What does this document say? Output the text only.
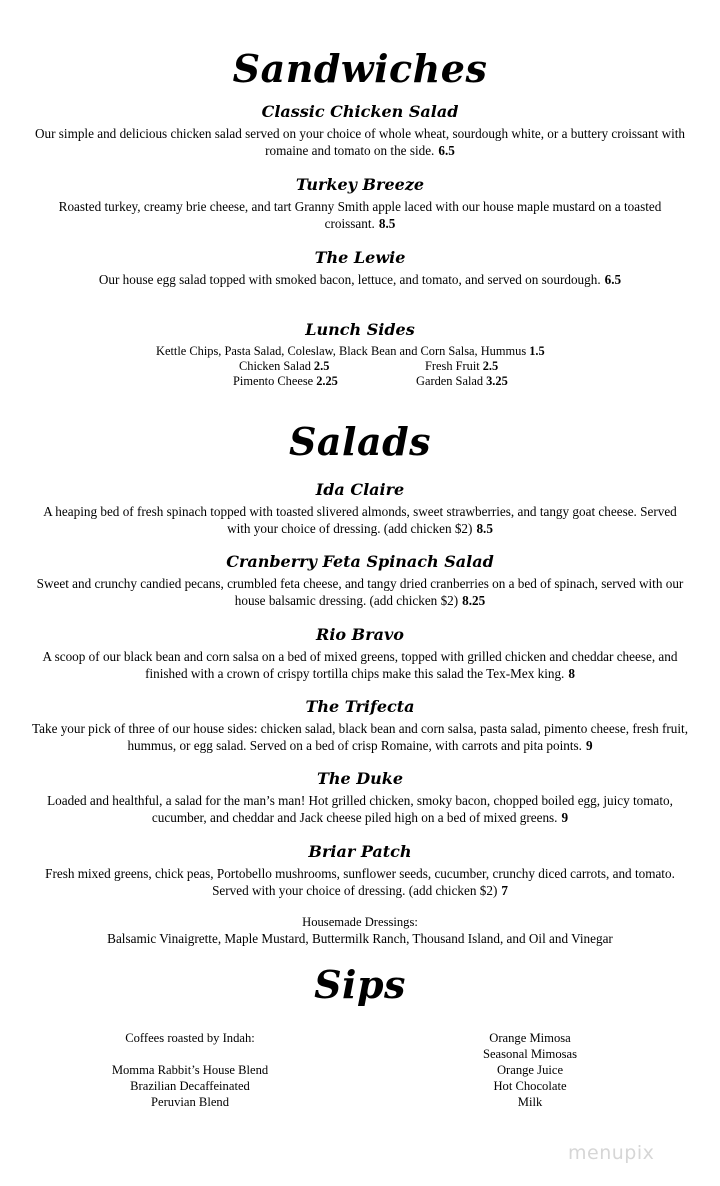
Sandwiches
Classic Chicken Salad

Our simple and delicious chicken salad served on your choice of whole wheat, sourdough white, or a buttery croissant with romaine and tomato on the side. 6.5

Turkey Breeze

Roasted turkey, creamy brie cheese, and tart Granny Smith apple laced with our house maple mustard on a toasted croissant. 8.5

The Lewie

Our house egg salad topped with smoked bacon, lettuce, and tomato, and served on sourdough. 6.5

Lunch Sides
Kettle Chips, Pasta Salad, Coleslaw, Black Bean and Corn Salsa, Hummus 1.5
Chicken Salad 2.5	Fresh Fruit 2.5
Pimento Cheese 2.25	Garden Salad 3.25
Salads
Ida Claire

A heaping bed of fresh spinach topped with toasted slivered almonds, sweet strawberries, and tangy goat cheese. Served with your choice of dressing. (add chicken $2) 8.5

Cranberry Feta Spinach Salad

Sweet and crunchy candied pecans, crumbled feta cheese, and tangy dried cranberries on a bed of spinach, served with our house balsamic dressing. (add chicken $2) 8.25

Rio Bravo

A scoop of our black bean and corn salsa on a bed of mixed greens, topped with grilled chicken and cheddar cheese, and finished with a crown of crispy tortilla chips make this salad the Tex-Mex king. 8

The Trifecta

Take your pick of three of our house sides: chicken salad, black bean and corn salsa, pasta salad, pimento cheese, fresh fruit, hummus, or egg salad. Served on a bed of crisp Romaine, with carrots and pita points. 9

The Duke

Loaded and healthful, a salad for the man’s man! Hot grilled chicken, smoky bacon, chopped boiled egg, juicy tomato, cucumber, and cheddar and Jack cheese piled high on a bed of mixed greens. 9

Briar Patch

Fresh mixed greens, chick peas, Portobello mushrooms, sunflower seeds, cucumber, crunchy diced carrots, and tomato. Served with your choice of dressing. (add chicken $2) 7

Housemade Dressings:
Balsamic Vinaigrette, Maple Mustard, Buttermilk Ranch, Thousand Island, and Oil and Vinegar
Sips
Coffees roasted by Indah:
Momma Rabbit’s House Blend
Brazilian Decaffeinated
Peruvian Blend
Orange Mimosa
Seasonal Mimosas
Orange Juice
Hot Chocolate
Milk
menupix
